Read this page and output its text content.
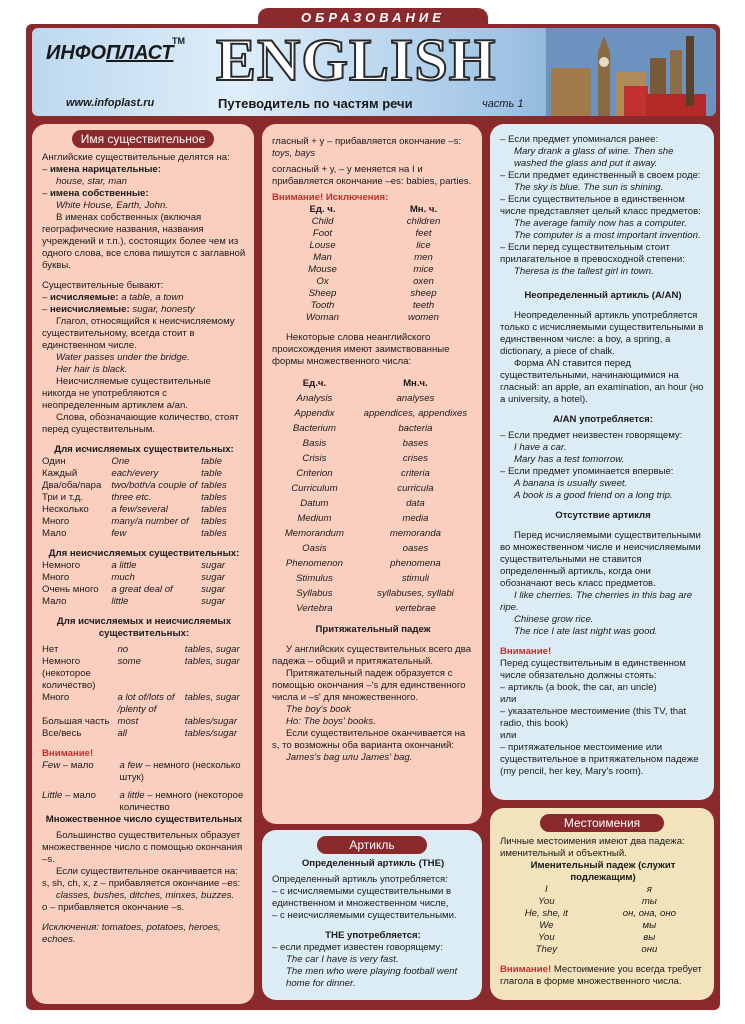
ОБРАЗОВАНИЕ
ИНФОПЛАСТ
TM
www.infoplast.ru
ENGLISH
Путеводитель по частям речи	часть 1
Имя существительное

Английские существительные делятся на:

– имена нарицательные:

house, star, man

– имена собственные:

White House, Earth, John.

В именах собственных (включая географические названия, названия учреждений и т.п.), состоящих более чем из одного слова, все слова пишутся с заглавной буквы.

Существительные бывают:

– исчисляемые: a table, a town

– неисчисляемые: sugar, honesty

Глагол, относящийся к неисчисляемому существительному, всегда стоит в единственном числе.

Water passes under the bridge.

Her hair is black.

Неисчисляемые существительные никогда не употребляются с неопределенным артиклем a/an.

Слова, обозначающие количество, стоят перед существительным.

Для исчисляемых существительных:

Один	One	table
Каждый	each/every	table
Два/оба/пара	two/both/a couple of	tables
Три и т.д.	three etc.	tables
Несколько	a few/several	tables
Много	many/a number of	tables
Мало	few	tables

Для неисчисляемых существительных:

Немного	a little	sugar
Много	much	sugar
Очень много	a great deal of	sugar
Мало	little	sugar

Для исчисляемых и неисчисляемых существительных:

Нет	no	tables, sugar
Немного (некоторое количество)	some	tables, sugar
Много	a lot of/lots of /plenty of	tables, sugar
Большая часть	most	tables/sugar
Все/весь	all	tables/sugar

Внимание!

Few – мало	a few – немного (несколько штук)
Little – мало	a little – немного (некоторое количество

Множественное число существительных

Большинство существительных образует множественное число с помощью окончания –s.

Если существительное оканчивается на:

s, sh, ch, x, z – прибавляется окончание –es:

classes, bushes, ditches, minxes, buzzes.

o – прибавляется окончание –s.

Исключения: tomatoes, potatoes, heroes, echoes.

гласный + у – прибавляется окончание –s:

toys, bays

согласный + у, – у меняется на I и прибавляется окончание –es: babies, parties.

Внимание! Исключения:

Ед. ч.	Мн. ч.
Child	children
Foot	feet
Louse	lice
Man	men
Mouse	mice
Ox	oxen
Sheep	sheep
Tooth	teeth
Woman	women

Некоторые слова неанглийского происхождения имеют заимствованные формы множественного числа:

Ед.ч.	Мн.ч.
Analysis	analyses
Appendix	appendices, appendixes
Bacterium	bacteria
Basis	bases
Crisis	crises
Criterion	criteria
Curriculum	curricula
Datum	data
Medium	media
Memorandum	memoranda
Oasis	oases
Phenomenon	phenomena
Stimulus	stimuli
Syllabus	syllabuses, syllabi
Vertebra	vertebrae

Притяжательный падеж

У английских существительных всего два падежа – общий и притяжательный.

Притяжательный падеж образуется с помощью окончания –'s для единственного числа и –s' для множественного.

The boy's book

Но: The boys' books.

Если существительное оканчивается на s, то возможны оба варианта окончаний:

James's bag или James' bag.

– Если предмет упоминался ранее:

Mary drank a glass of wine. Then she washed the glass and put it away.

– Если предмет единственный в своем роде:

The sky is blue. The sun is shining.

– Если существительное в единственном числе представляет целый класс предметов:

The average family now has a computer.

The computer is a most important invention.

– Если перед существительным стоит прилагательное в превосходной степени:

Theresa is the tallest girl in town.

Неопределенный артикль (A/AN)

Неопределенный артикль употребляется только с исчисляемыми существительными в единственном числе: a boy, a spring, a dictionary, a piece of chalk.

Форма AN ставится перед существительными, начинающимися на гласный: an apple, an examination, an hour (но a university, a hotel).

A/AN употребляется:

– Если предмет неизвестен говорящему:

I have a car.

Mary has a test tomorrow.

– Если предмет упоминается впервые:

A banana is usually sweet.

A book is a good friend on a long trip.

Отсутствие артикля

Перед исчисляемыми существительными во множественном числе и неисчисляемыми существительными не ставится определенный артикль, когда они обозначают весь класс предметов.

I like cherries. The cherries in this bag are ripe.

Chinese grow rice.

The rice I ate last night was good.

Внимание!

Перед существительным в единственном числе обязательно должны стоять:

– артикль (a book, the car, an uncle)

или

– указательное местоимение (this TV, that radio, this book)

или

– притяжательное местоимение или существительное в притяжательном падеже (my pencil, her key, Mary's room).

Артикль

Определенный артикль (THE)

Определенный артикль употребляется:

– с исчисляемыми существительными в единственном и множественном числе,

– с неисчисляемыми существительными.

THE употребляется:

– если предмет известен говорящему:

The car I have is very fast.

The men who were playing football went home for dinner.

Местоимения

Личные местоимения имеют два падежа: именительный и объектный.

Именительный падеж (служит подлежащим)

I	я
You	ты
He, she, it	он, она, оно
We	мы
You	вы
They	они

Внимание! Местоимение you всегда требует глагола в форме множественного числа.
